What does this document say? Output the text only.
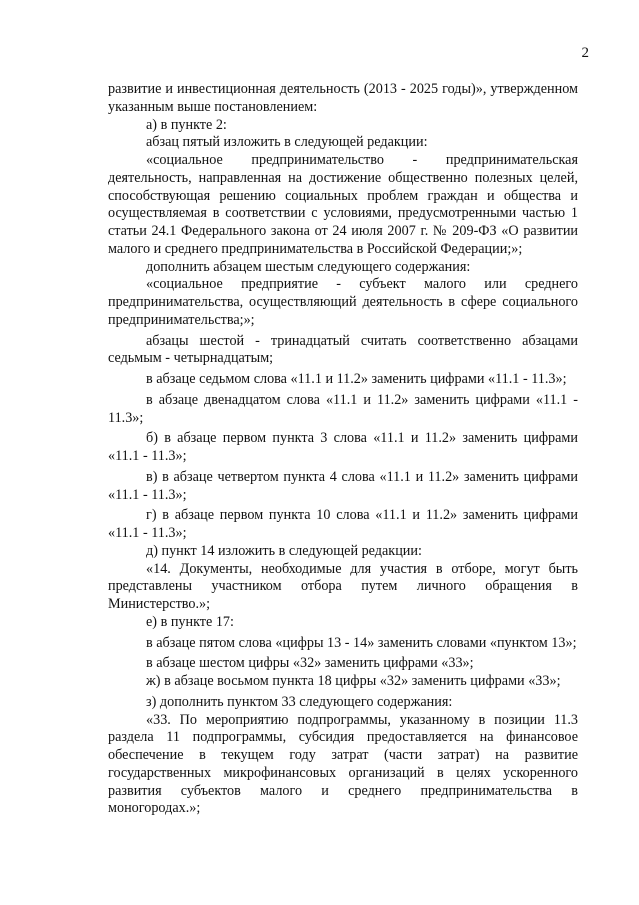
2

развитие и инвестиционная деятельность (2013 - 2025 годы)», утвержденном указанным выше постановлением:

а) в пункте 2:

абзац пятый изложить в следующей редакции:

«социальное предпринимательство - предпринимательская деятельность, направленная на достижение общественно полезных целей, способствующая решению социальных проблем граждан и общества и осуществляемая в соответствии с условиями, предусмотренными частью 1 статьи 24.1 Федерального закона от 24 июля 2007 г. № 209-ФЗ «О развитии малого и среднего предпринимательства в Российской Федерации;»;

дополнить абзацем шестым следующего содержания:

«социальное предприятие - субъект малого или среднего предпринимательства, осуществляющий деятельность в сфере социального предпринимательства;»;

абзацы шестой - тринадцатый считать соответственно абзацами седьмым - четырнадцатым;

в абзаце седьмом слова «11.1 и 11.2» заменить цифрами «11.1 - 11.3»;

в абзаце двенадцатом слова «11.1 и 11.2» заменить цифрами «11.1 - 11.3»;

б) в абзаце первом пункта 3 слова «11.1 и 11.2» заменить цифрами «11.1 - 11.3»;

в) в абзаце четвертом пункта 4 слова «11.1 и 11.2» заменить цифрами «11.1 - 11.3»;

г) в абзаце первом пункта 10 слова «11.1 и 11.2» заменить цифрами «11.1 - 11.3»;

д) пункт 14 изложить в следующей редакции:

«14. Документы, необходимые для участия в отборе, могут быть представлены участником отбора путем личного обращения в Министерство.»;

е) в пункте 17:

в абзаце пятом слова «цифры 13 - 14» заменить словами «пунктом 13»;

в абзаце шестом цифры «32» заменить цифрами «33»;

ж) в абзаце восьмом пункта 18 цифры «32» заменить цифрами «33»;

з) дополнить пунктом 33 следующего содержания:

«33. По мероприятию подпрограммы, указанному в позиции 11.3 раздела 11 подпрограммы, субсидия предоставляется на финансовое обеспечение в текущем году затрат (части затрат) на развитие государственных микрофинансовых организаций в целях ускоренного развития субъектов малого и среднего предпринимательства в моногородах.»;
